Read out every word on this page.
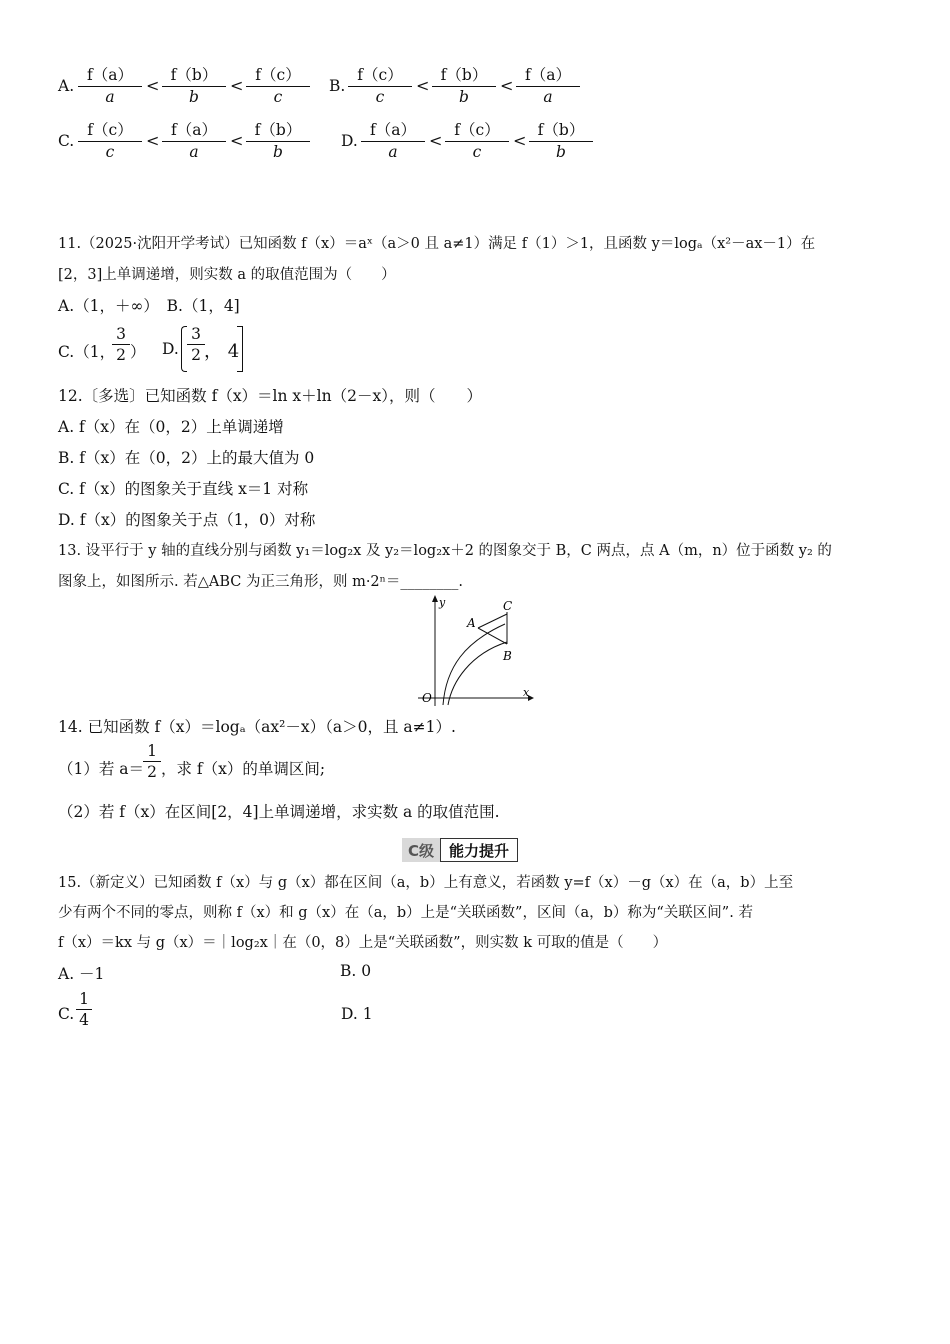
A. $\frac{f(a)}{a} < \frac{f(b)}{b} < \frac{f(c)}{c} B$. $\frac{f(c)}{c} < \frac{f(b)}{b} < \frac{f(a)}{a}$
C. $\frac{f(c)}{c} < \frac{f(a)}{a} < \frac{f(b)}{b} D$. $\frac{f(a)}{a} < \frac{f(c)}{c} < \frac{f(b)}{b}$
11.（2025·沈阳开学考试）已知函数 f（x）＝aˣ（a＞0 且 a≠1）满足 f（1）＞1，且函数 y＝logₐ（x²－ax－1）在
[2，3]上单调递增，则实数 a 的取值范围为（　　）
A.（1，＋∞）　B.（1，4]
C.（1，
$\frac{3}{2}$ ） D. $\frac{3}{2}$ ， 4
12.〔多选〕已知函数 f（x）＝ln x＋ln（2－x），则（　　）
A. f（x）在（0，2）上单调递增
B. f（x）在（0，2）上的最大值为 0
C. f（x）的图象关于直线 x＝1 对称
D. f（x）的图象关于点（1，0）对称
13. 设平行于 y 轴的直线分别与函数 y₁＝log₂x 及 y₂＝log₂x＋2 的图象交于 B，C 两点，点 A（m，n）位于函数 y₂ 的
图象上，如图所示. 若△ABC 为正三角形，则 m·2ⁿ＝________.
y
x
O
A
C
B
14. 已知函数 f（x）＝logₐ（ax²－x）（a＞0，且 a≠1）.
（1）若 a＝
$\frac{1}{2}$ ，求 f（x）的单调区间;
（2）若 f（x）在区间[2，4]上单调递增，求实数 a 的取值范围.
C级	能力提升
15.（新定义）已知函数 f（x）与 g（x）都在区间（a，b）上有意义，若函数 y=f（x）－g（x）在（a，b）上至
少有两个不同的零点，则称 f（x）和 g（x）在（a，b）上是“关联函数”，区间（a，b）称为“关联区间”. 若
f（x）＝kx 与 g（x）＝｜log₂x｜在（0，8）上是“关联函数”，则实数 k 可取的值是（　　）
A. －1	B. 0
C. $\frac{1}{4}$	D. 1
